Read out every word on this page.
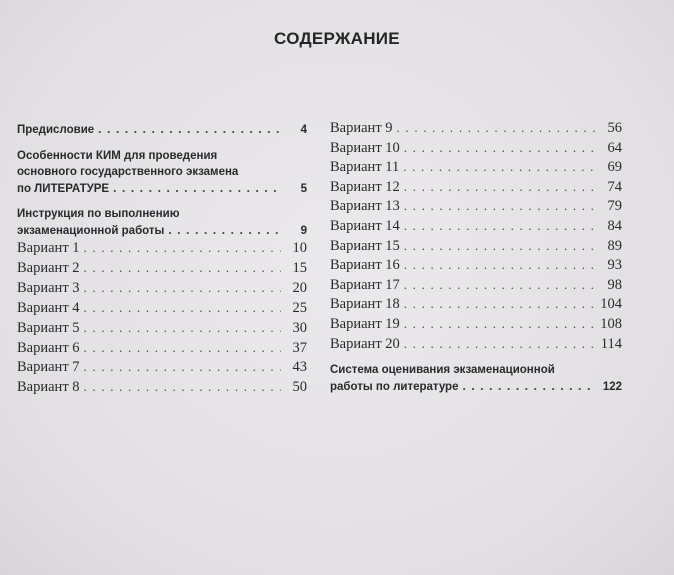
СОДЕРЖАНИЕ
Предисловие . . .	4
Особенности КИМ для проведения
основного государственного экзамена
по ЛИТЕРАТУРЕ . . .	5
Инструкция по выполнению
экзаменационной работы . . .	9
Вариант 1 . . .	10
Вариант 2 . . .	15
Вариант 3 . . .	20
Вариант 4 . . .	25
Вариант 5 . . .	30
Вариант 6 . . .	37
Вариант 7 . . .	43
Вариант 8 . . .	50
Вариант 9 . . .	56
Вариант 10 . . .	64
Вариант 11 . . .	69
Вариант 12 . . .	74
Вариант 13 . . .	79
Вариант 14 . . .	84
Вариант 15 . . .	89
Вариант 16 . . .	93
Вариант 17 . . .	98
Вариант 18 . . .	104
Вариант 19 . . .	108
Вариант 20 . . .	114
Система оценивания экзаменационной
работы по литературе . . .	122
